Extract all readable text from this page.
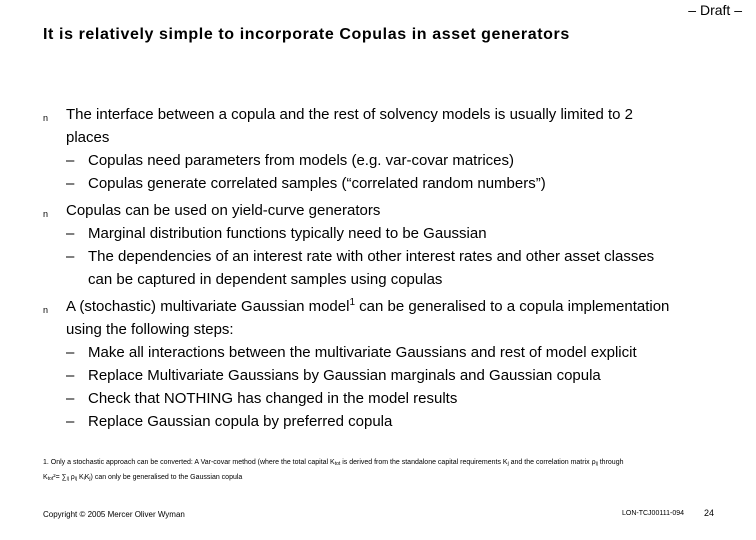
– Draft –
It is relatively simple to incorporate Copulas in asset generators
n The interface between a copula and the rest of solvency models is usually limited to 2
places
– Copulas need parameters from models (e.g. var-covar matrices)
– Copulas generate correlated samples (“correlated random numbers”)
n Copulas can be used on yield-curve generators
– Marginal distribution functions typically need to be Gaussian
– The dependencies of an interest rate with other interest rates and other asset classes
can be captured in dependent samples using copulas
n A (stochastic) multivariate Gaussian model$^1$ can be generalised to a copula implementation
using the following steps:
– Make all interactions between the multivariate Gaussians and rest of model explicit
– Replace Multivariate Gaussians by Gaussian marginals and Gaussian copula
– Check that NOTHING has changed in the model results
– Replace Gaussian copula by preferred copula
1. Only a stochastic approach can be converted: A Var-covar method (where the total capital Ktot is derived from the standalone capital requirements Kj and the correlation matrix ρij through
Ktot²= ∑ij ρij KiKj) can only be generalised to the Gaussian copula
Copyright © 2005 Mercer Oliver Wyman	LON-TCJ00111-094 24
